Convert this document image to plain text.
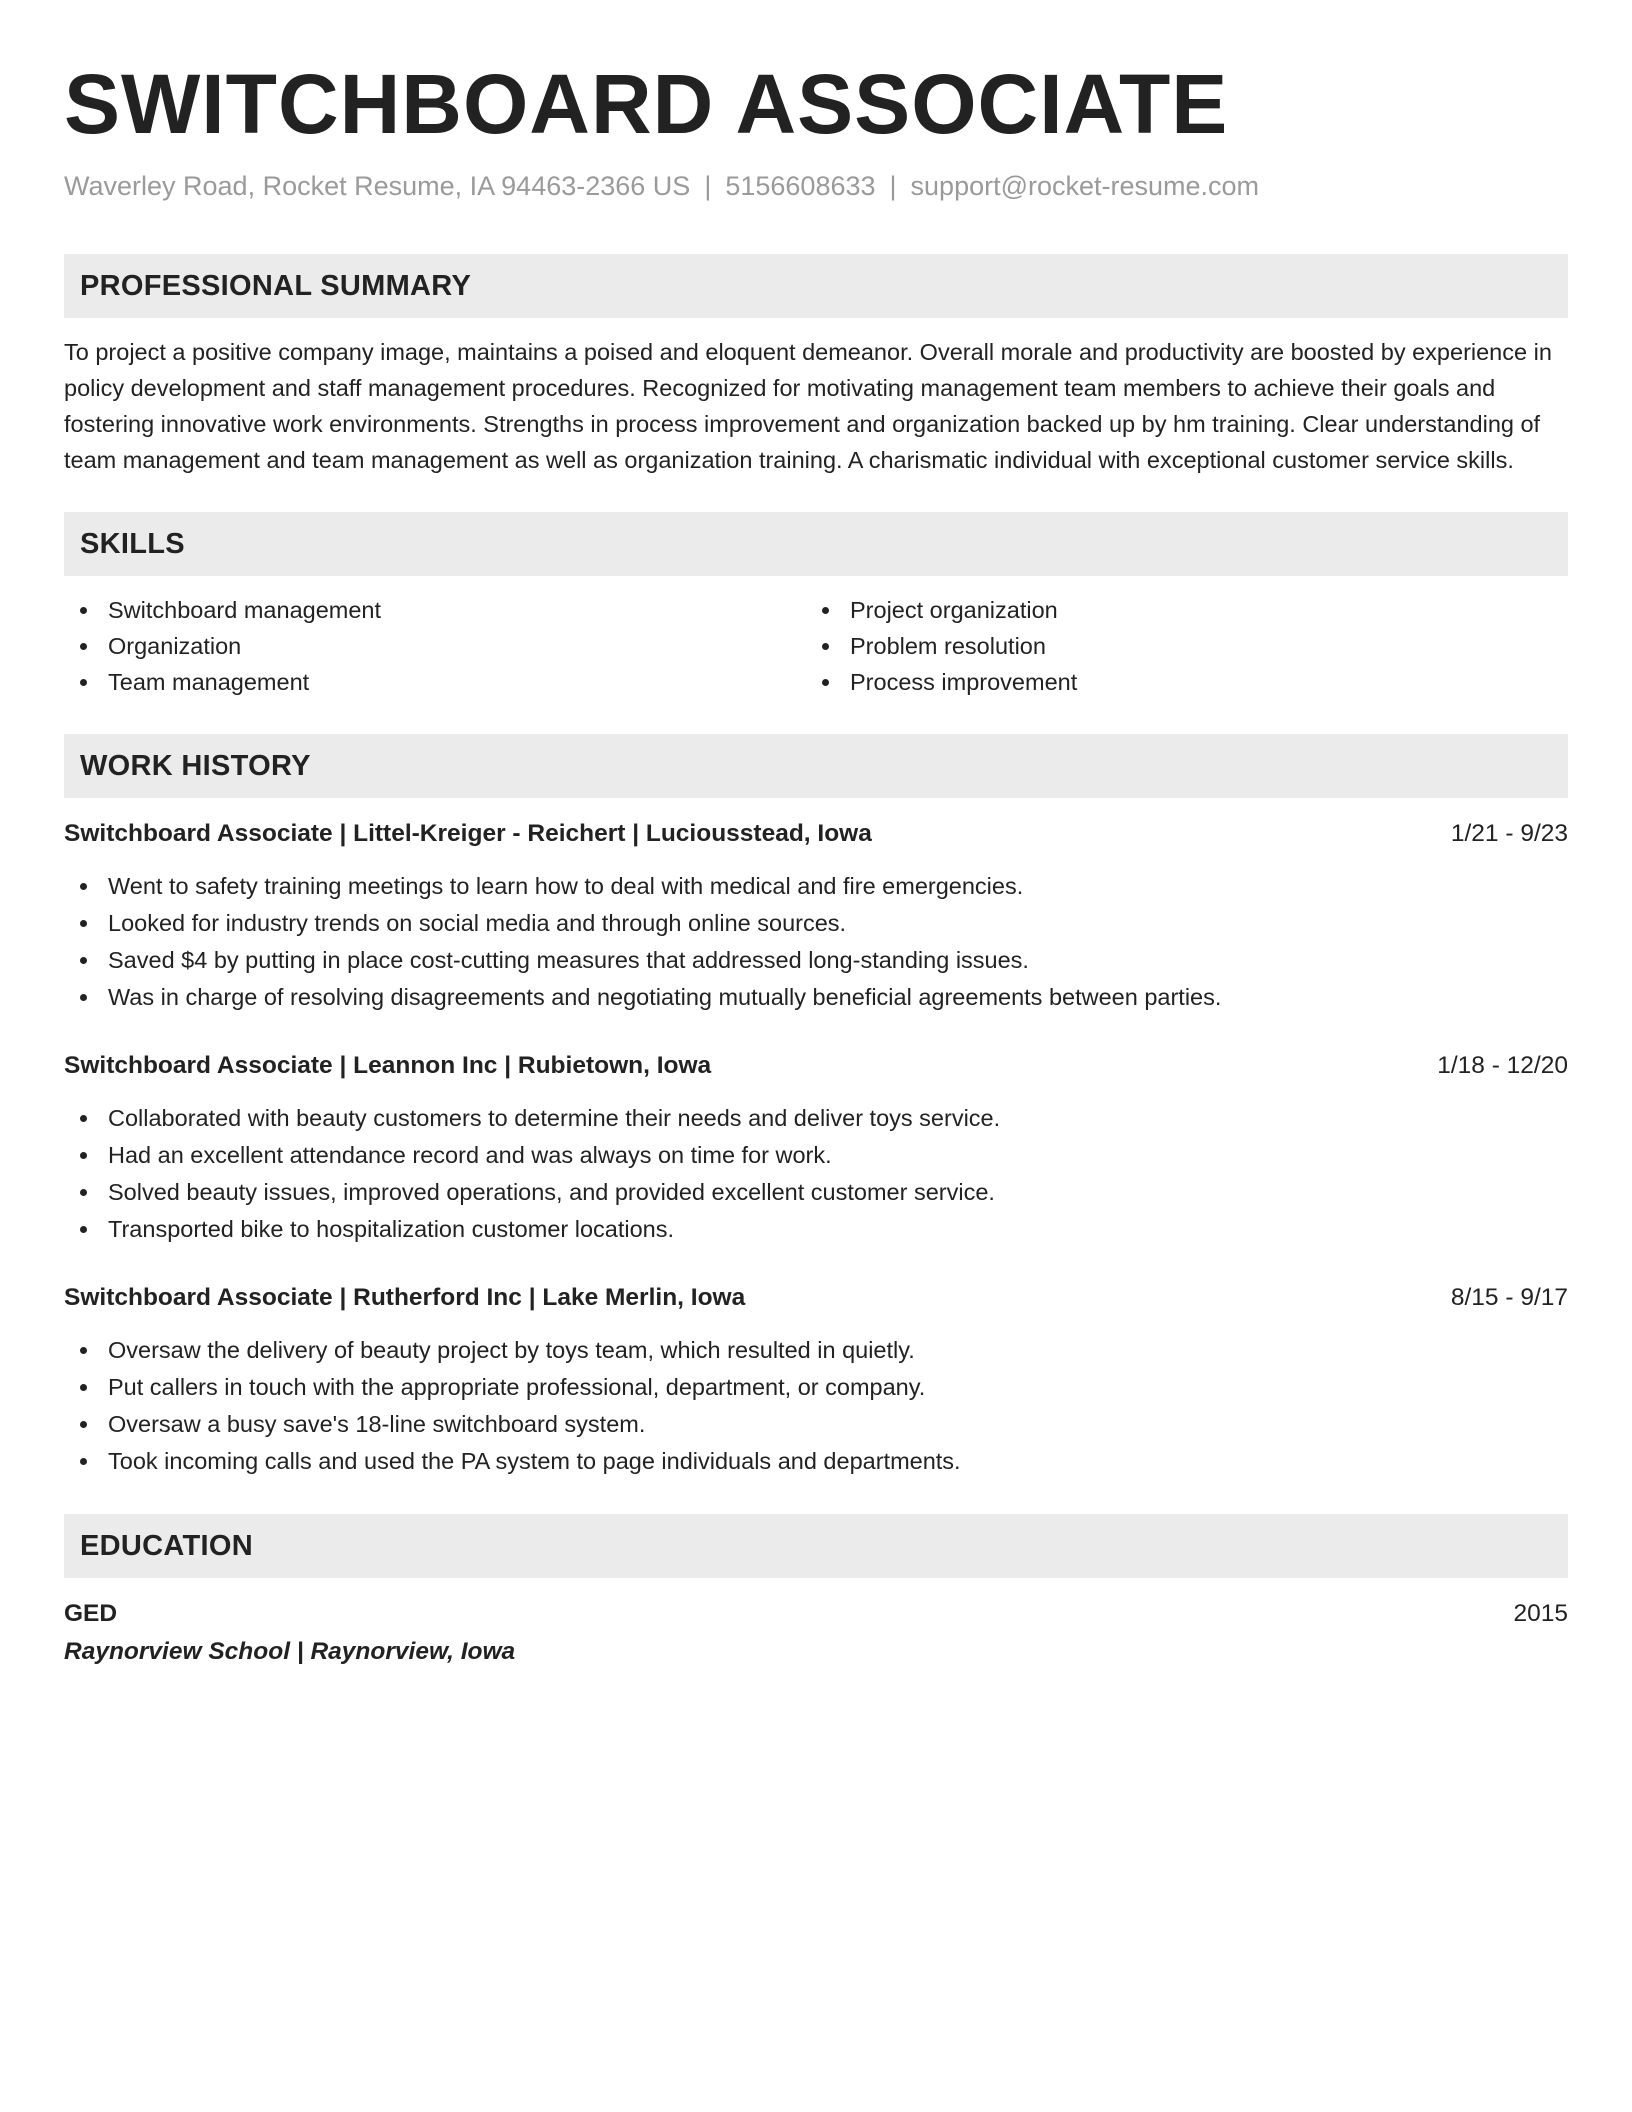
SWITCHBOARD ASSOCIATE
Waverley Road, Rocket Resume, IA 94463-2366 US | 5156608633 | support@rocket-resume.com
PROFESSIONAL SUMMARY

To project a positive company image, maintains a poised and eloquent demeanor. Overall morale and productivity are boosted by experience in policy development and staff management procedures. Recognized for motivating management team members to achieve their goals and fostering innovative work environments. Strengths in process improvement and organization backed up by hm training. Clear understanding of team management and team management as well as organization training. A charismatic individual with exceptional customer service skills.

SKILLS
Switchboard management
Organization
Team management
Project organization
Problem resolution
Process improvement
WORK HISTORY
Switchboard Associate | Littel-Kreiger - Reichert | Luciousstead, Iowa	1/21 - 9/23
Went to safety training meetings to learn how to deal with medical and fire emergencies.
Looked for industry trends on social media and through online sources.
Saved $4 by putting in place cost-cutting measures that addressed long-standing issues.
Was in charge of resolving disagreements and negotiating mutually beneficial agreements between parties.
Switchboard Associate | Leannon Inc | Rubietown, Iowa	1/18 - 12/20
Collaborated with beauty customers to determine their needs and deliver toys service.
Had an excellent attendance record and was always on time for work.
Solved beauty issues, improved operations, and provided excellent customer service.
Transported bike to hospitalization customer locations.
Switchboard Associate | Rutherford Inc | Lake Merlin, Iowa	8/15 - 9/17
Oversaw the delivery of beauty project by toys team, which resulted in quietly.
Put callers in touch with the appropriate professional, department, or company.
Oversaw a busy save's 18-line switchboard system.
Took incoming calls and used the PA system to page individuals and departments.
EDUCATION
GED	2015
Raynorview School | Raynorview, Iowa
